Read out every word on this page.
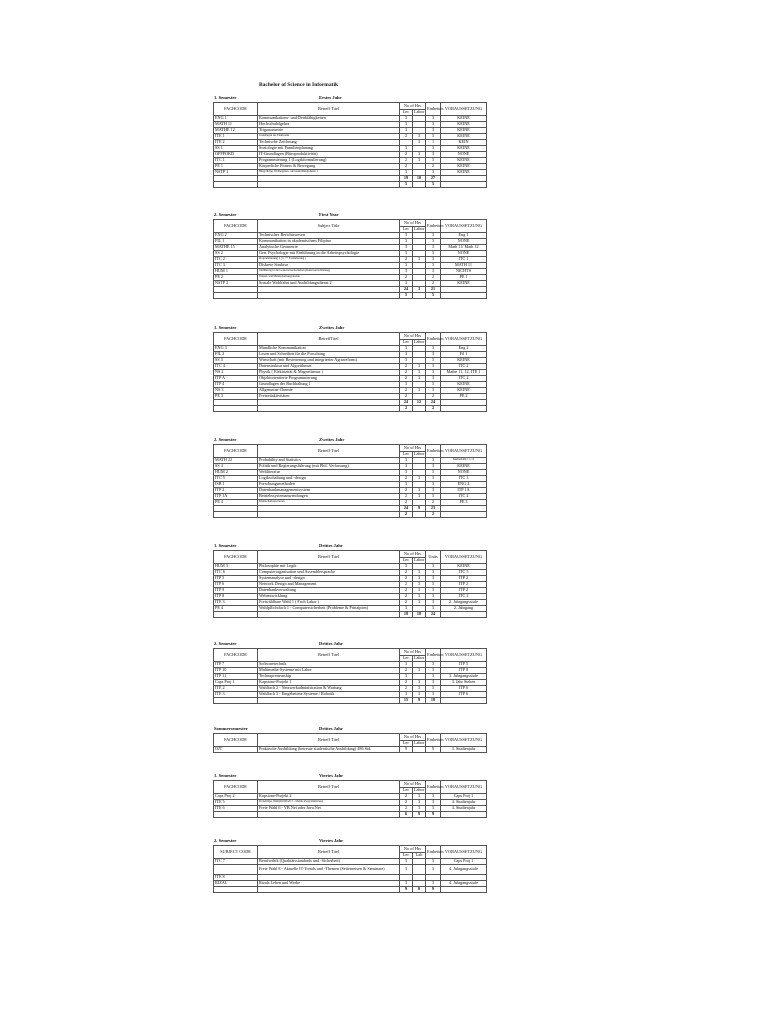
Bachelor of Science in Informatik
1. Semester	Erstes Jahr
FACHCODE	Betreff Titel	No of Hrs		Einheiten	VORAUSSETZUNG
		Lec	Labor		
ENG 1	Kommunikations- und Denkfähigkeiten	3		3	KEINE
MATH 11	Hochschulalgebra	3		3	KEINE
MATHE 12	Trigonometrie	3		3	KEINE
ITE 1	Grundlagen der Elektronik	2	3	3	KEINE
ITE 2	Technische Zeichnung		3	1	KEIN
SS 1	Soziologie mit Familienplanung	3		3	KEINE
OFFPOKD	IT-Grundlagen (Büroproduktivität)	2	3	3	NONE
ITC 1	Programmierung 1 (Logikformulierung)	2	3	3	KEINE
PE 1	Körperliche Fitness & Bewegung	2		2	KEINE
NSTP 1	Bürgerliches Wohlergehen- und Ausbildungsdienst 1	3		3	KEINE
		19	10	27	
		5		5	
2. Semester	First Year
FACHCODE	Subject Title	No of Hrs		Einheiten	VORAUSSETZUNG
		Lec	Labor		
ENG 2	Technisches Berichtswesen	3		3	Eng 1
FIL 1	Kommunikation in akademischem Filipino	3		3	NONE
MATHE 15	Analytische Geometrie	3		3	Math 11/ Math 12
SS 2	Gen. Psychologie mit Einführung in die Arbeitspsychologie	3		3	NONE
ITC 2	Programmierung 2 ( C ++ Formulierung )	2	3	3	ITC 1
ITC 3	Diskrete Struktur	3		3	MATH 11
HUM 1	Einführung in die Geisteswissenschaften (Kunstwertschätzung)	3		3	NICHTS
PE 2	Tanzen- und Mannschaftsergonomie	2		2	PE 1
NSTP 2	Soziale Wohlfahrt und Ausbildungsdienst 2	3		2	KEINE
		24	3	21	
		5		5	
1. Semester	Zweites Jahr
FACHCODE	BetreffTitel	No of Hrs		Einheiten	VORAUSSETZUNG
		Lec	Labor		
ENG 3	Mündliche Kommunikation	3		3	Eng 2
FIL 2	Lesen und Schreiben für die Forschung	3		3	Fil 1
SS 3	Wirtschaft (mit Besteuerung und integrierter Agrarreform)	3		3	KEINE
ITC 4	Datenstruktur und Algorithmus	2	3	3	ITC 2
NS 2	Physik ( Elektrizität & Magnetismus )	2	3	3	Mathe 11, 12, ITE 1
ITP A	Objektorientierte Programmierung	2	3	3	ITC 2
ITP 4	Grundlagen der Buchhaltung 1	3		3	KEINE
NS 3	Allgemeine Chemie	2	3	3	KEINE
PE 3	Freizeitaktivitäten	2		2	PE 2
		24	12	24	
		2		2	
2. Semester	Zweites Jahr
FACHCODE	Betreff Titel	No of Hrs		Einheiten	VORAUSSETZUNG
		Lec	Labor		
MATH 22	Probability and Statistics	3		3	Mathematik 11, 12
SS 4	Politik und Regierungsführung (mit Phil. Verfassung)	3		3	KEINE
HUM 2	Weltliteratur	3		3	NONE
ITC 5	Logikschaltung und -design	2	3	3	ITC 3
ISB 1	Forschungsmethoden	3		3	ENG 2
ITP 2	Datenbankmanagementsystem	2	3	3	ITP 1A
ITP 1A	Betriebssystemanwendungen	2	3	3	ITC 2
PE 4	Mannschaftssportarten	2		2	PE 3
		24	9	23	
		2		2	
1. Semester	Drittes Jahr
FACHCODE	Betreff Titel	No of Hrs		Units	VORAUSSETZUNG
		Lec	Labor		
HUM 3	Philosophie mit Logik	3		3	KEINE
ITC 6	Computerorganisation und Assemblersprache	2	3	3	ITC 5
ITP 5	Systemanalyse und -design	2	3	3	ITP 2
ITP 6	Network Design and Management	2	3	3	ITP 2
ITP 9	Datenbankverwaltung	2	3	3	ITP 2
ITP 8	Webentwicklung	2	3	3	ITC 2
ITE 3	Freiwählbare Wahl 1 ( Fach Labor )	2	3	3	2. Jahrgangsstufe
PE 4	Wahlpflichtfach 1 - Computersicherheit (Probleme & Prinzipien)	3		3	2. Jahrgang
		18	18	24	
2. Semester	Drittes Jahr
FACHCODE	Betreff Titel	No of Hrs		Einheiten	VORAUSSETZUNG
		Lec	Labor		
ITP 7	Softwaretechnik	3		3	ITP 5
ITP 10	Multimedia-Systeme mit Labor	2	3	3	ITP 8
ITP 11	Technopreneurship	3		3	3. Jahrgangsstufe
Caps Proj 1	Kapstone-Projekt 1	2	3	3	3. Jahr Stehen
ITE 2	Wahlfach 2 - Netzwerkadministration & Wartung	2	3	3	ITP 6
ITE 3	Wahlfach 3 - Eingebettete Systeme / Robotik	3	3	3	ITP 6
		15	9	18	
Sommersemester	Drittes Jahr
FACHCODE	Betreff Titel	No of Hrs		Einheiten	VORAUSSETZUNG
		Lec	Labor		
OJT	Praktische Ausbildung (betreute studentische Ausbildung) 486 Std.	9		9	3. Studienjahr
1. Semester	Viertes Jahr
FACHCODE	Betreff Titel	No of Hrs		Einheiten	VORAUSSETZUNG
		Lec	Labor		
Caps Proj 2	Kapstone-Projekt 2	2	3	3	Caps Proj 1
ITE 5	Freiwilliges Wahlpflichtfach 5 - Mobile Programmierung	2	3	3	4. Studienjahr
ITE 6	Freie Wahl 6 - VB.Net oder Java.Net	2	3	3	4. Studienjahr
		6	9	9	
2. Semester	Viertes Jahr
SUBJECT CODE	Betreff Titel	No of Hrs		Einheiten	VORAUSSETZUNG
		Lec	Lab		
ITC 7	Berufsethik (Qualitätsstandards und -Sicherheit)	3		3	Caps Proj 1
	Freie Wahl 8 - Aktuelle IT-Trends und -Themen (Seitenreisen & Seminare)	3		3	4. Jahrgangsstufe
ITE 8					
RIZAL	Rizals Leben und Werke	3		3	4. Jahrgangsstufe
		9	0	9	
